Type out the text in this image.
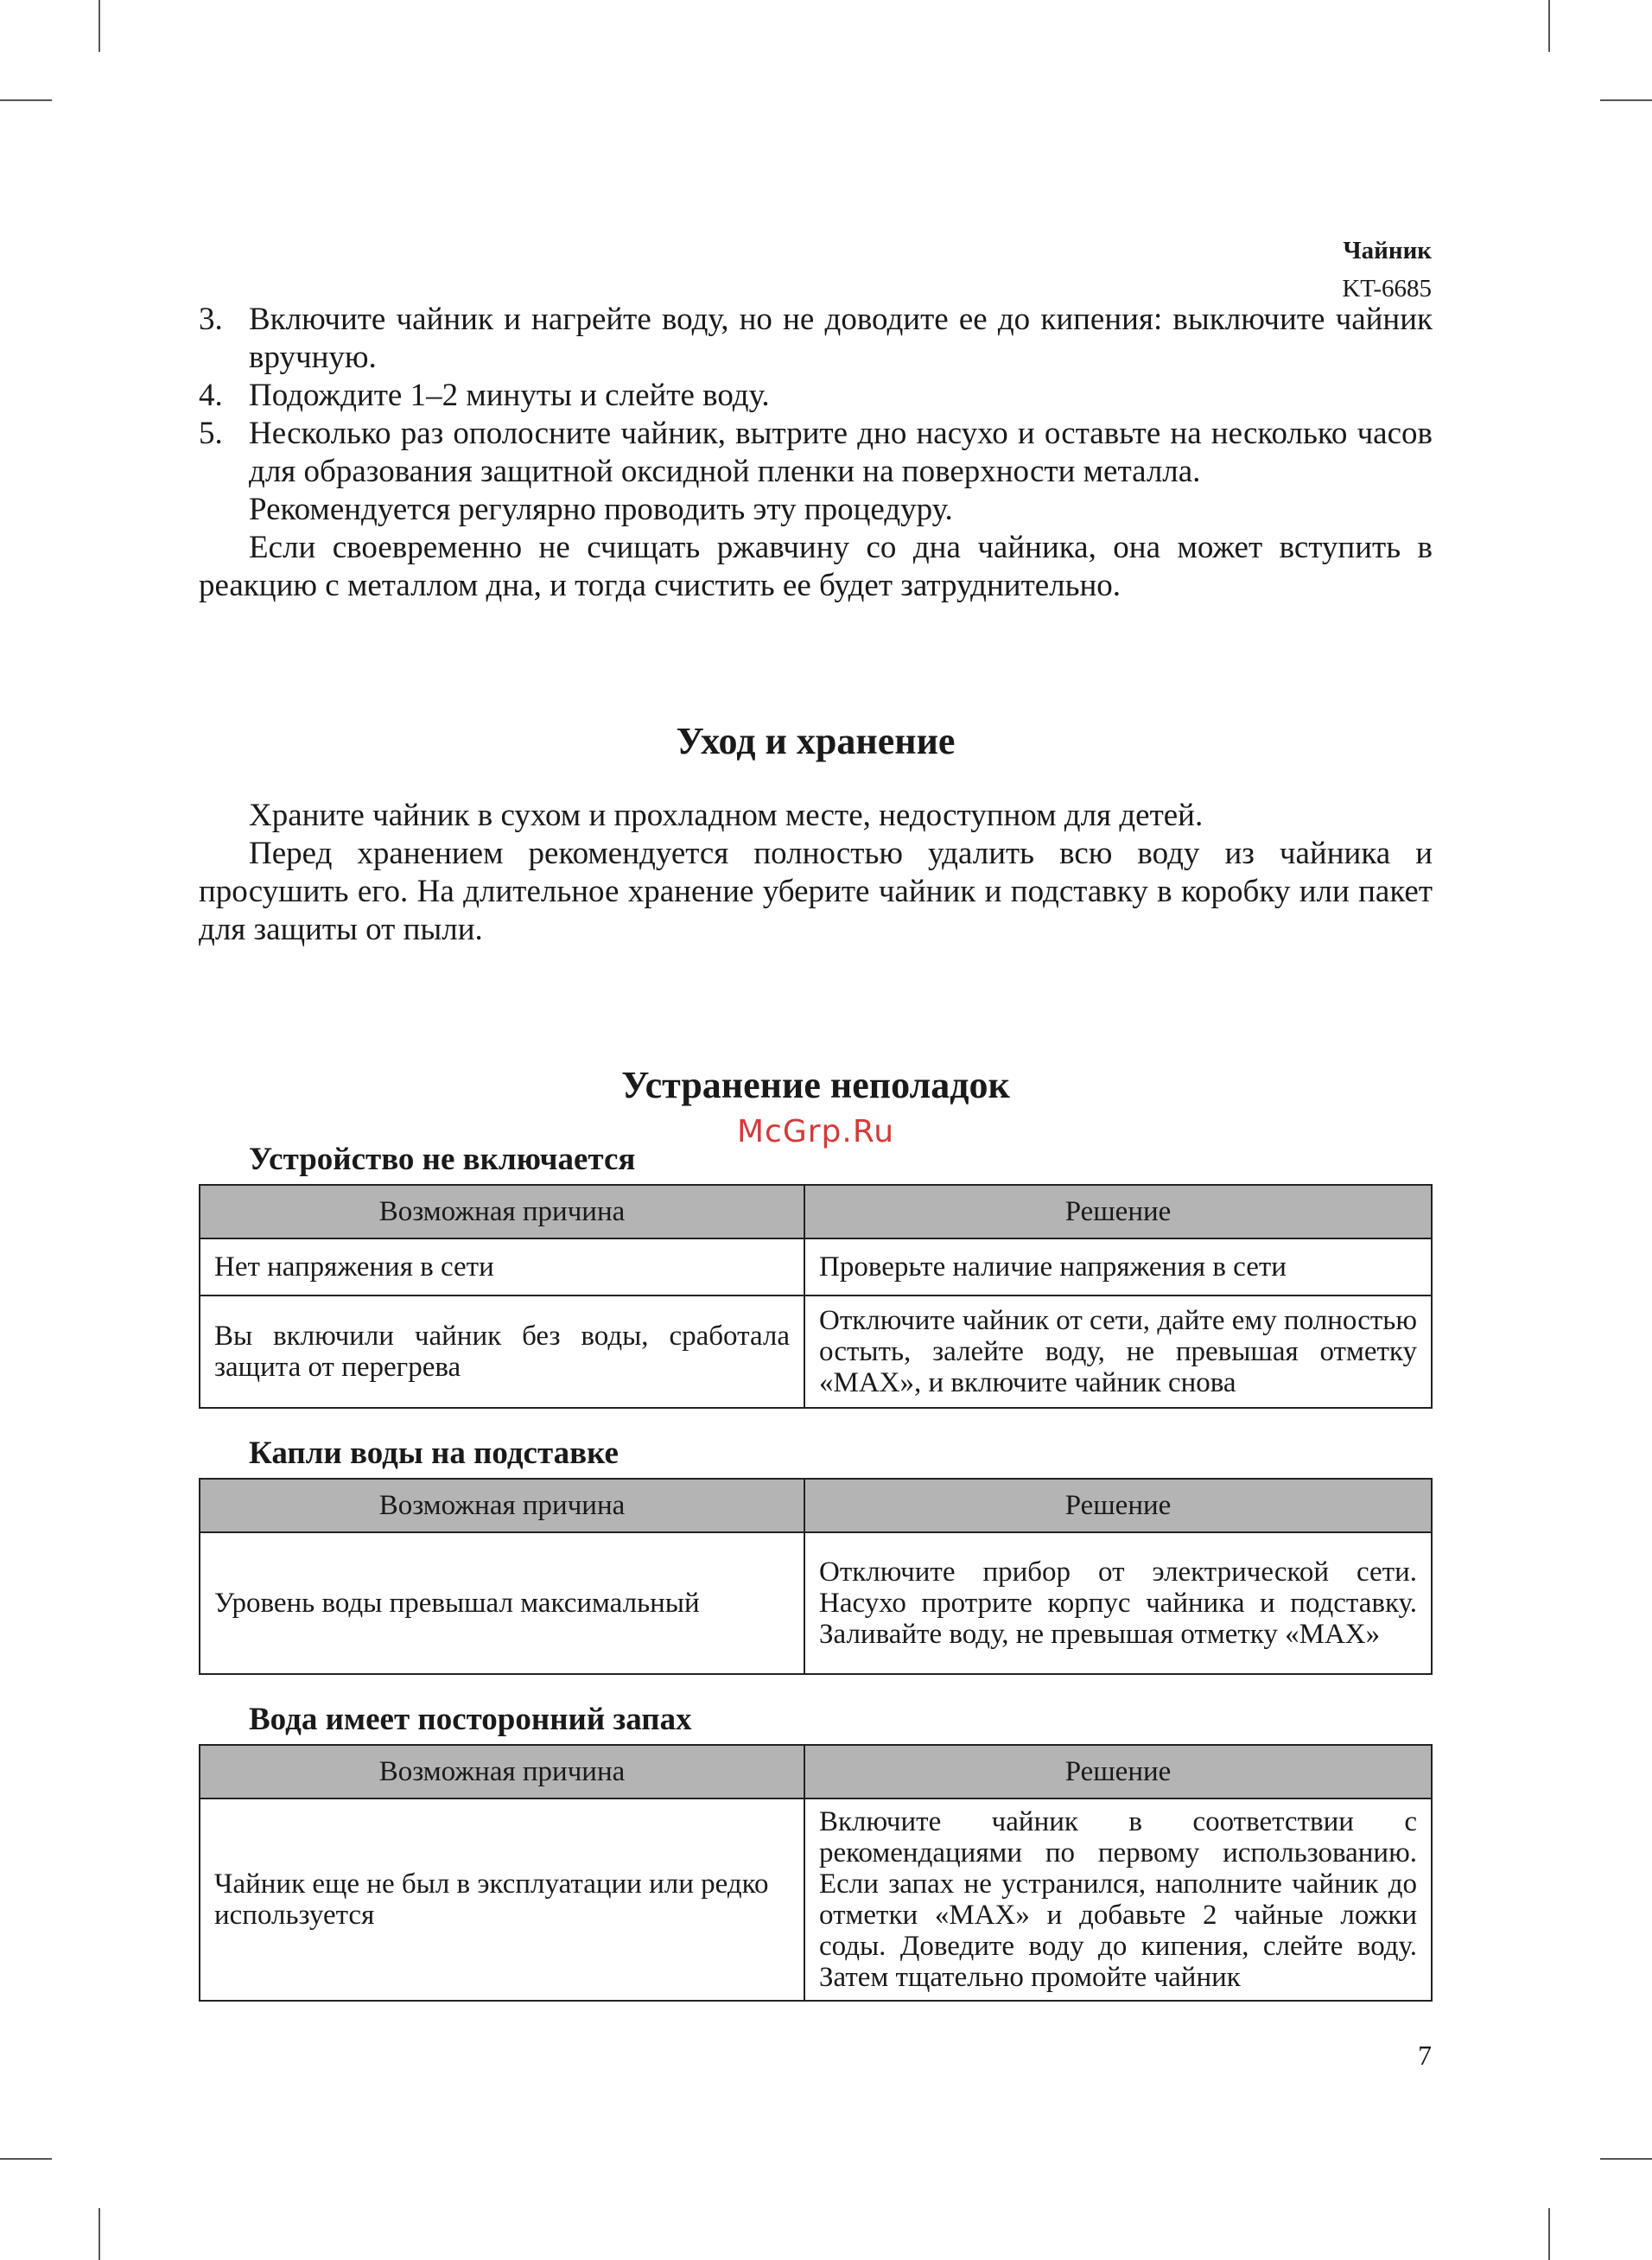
Чайник
KT-6685
3. Включите чайник и нагрейте воду, но не доводите ее до кипения: выключите чайник вручную.
4. Подождите 1–2 минуты и слейте воду.
5. Несколько раз ополосните чайник, вытрите дно насухо и оставьте на несколько часов для образования защитной оксидной пленки на поверхности металла.

Рекомендуется регулярно проводить эту процедуру.

Если своевременно не счищать ржавчину со дна чайника, она может вступить в реакцию с металлом дна, и тогда счистить ее будет затруднительно.

Уход и хранение

Храните чайник в сухом и прохладном месте, недоступном для детей.

Перед хранением рекомендуется полностью удалить всю воду из чайника и просушить его. На длительное хранение уберите чайник и подставку в коробку или пакет для защиты от пыли.

Устранение неполадок
McGrp.Ru
Устройство не включается
Возможная причина	Решение
Нет напряжения в сети	Проверьте наличие напряжения в сети
Вы включили чайник без воды, сработала защита от перегрева	Отключите чайник от сети, дайте ему полностью остыть, залейте воду, не превышая отметку «MAX», и включите чайник снова
Капли воды на подставке
Возможная причина	Решение
Уровень воды превышал максимальный	Отключите прибор от электрической сети. Насухо протрите корпус чайника и подставку. Заливайте воду, не превышая отметку «MAX»
Вода имеет посторонний запах
Возможная причина	Решение
Чайник еще не был в эксплуатации или редко используется	Включите чайник в соответствии с рекомендациями по первому использованию. Если запах не устранился, наполните чайник до отметки «MAX» и добавьте 2 чайные ложки соды. Доведите воду до кипения, слейте воду. Затем тщательно промойте чайник
7
